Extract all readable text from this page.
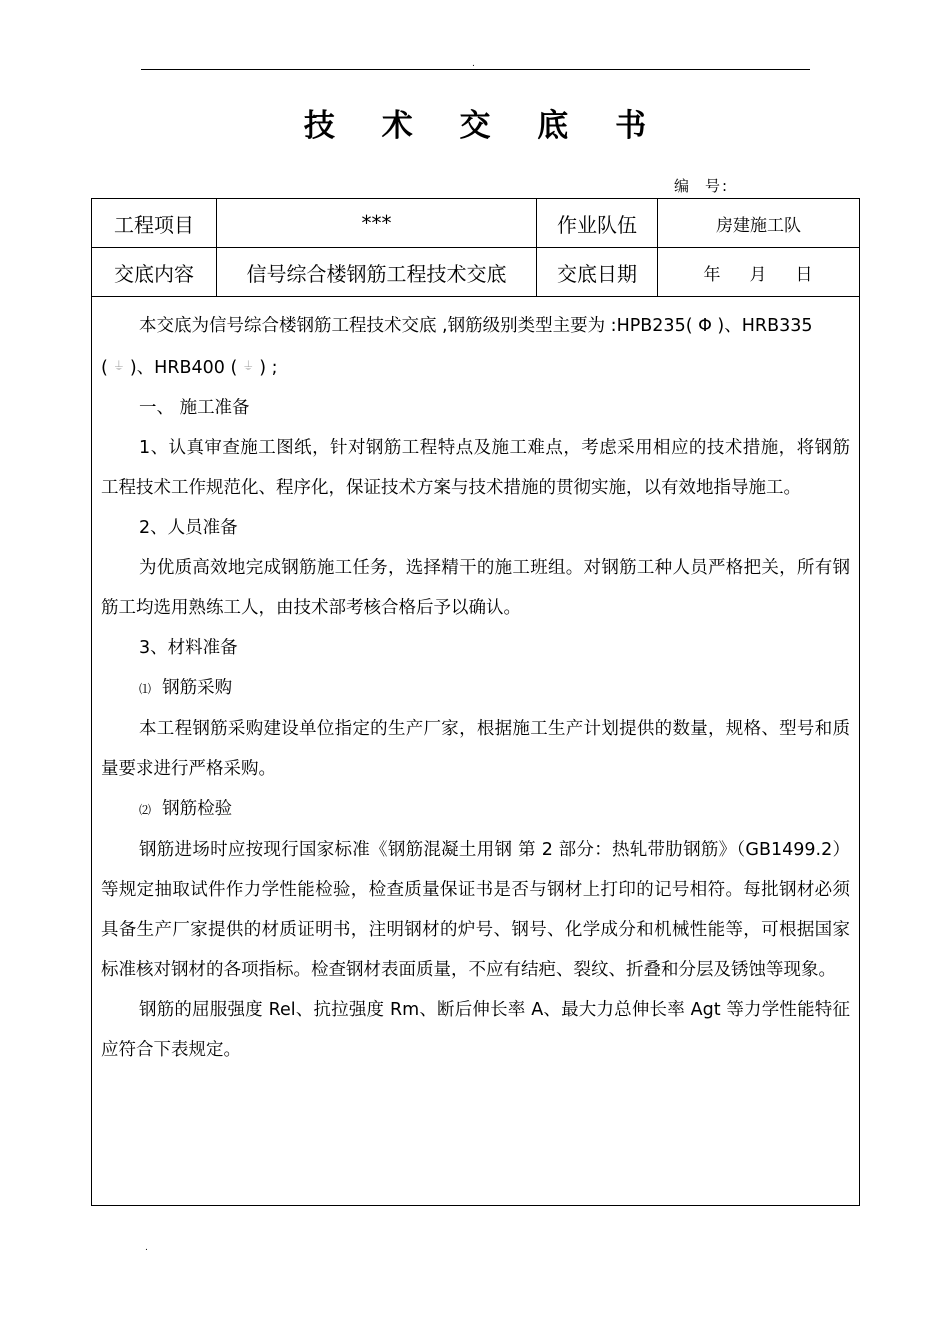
.
技 术 交 底 书
编 号:
工程项目	***	作业队伍	房建施工队
交底内容	信号综合楼钢筋工程技术交底	交底日期	年 月 日

本交底为信号综合楼钢筋工程技术交底 ,钢筋级别类型主要为 :HPB235( Φ )、HRB335

( ⏚ )、HRB400 ( ⏚ ) ;

一、 施工准备

1、认真审查施工图纸，针对钢筋工程特点及施工难点，考虑采用相应的技术措施，将钢筋工程技术工作规范化、程序化，保证技术方案与技术措施的贯彻实施，以有效地指导施工。

2、人员准备

为优质高效地完成钢筋施工任务，选择精干的施工班组。对钢筋工种人员严格把关，所有钢筋工均选用熟练工人，由技术部考核合格后予以确认。

3、材料准备

⑴ 钢筋采购

本工程钢筋采购建设单位指定的生产厂家，根据施工生产计划提供的数量，规格、型号和质量要求进行严格采购。

⑵ 钢筋检验

钢筋进场时应按现行国家标准《钢筋混凝土用钢 第 2 部分：热轧带肋钢筋》（GB1499.2）等规定抽取试件作力学性能检验，检查质量保证书是否与钢材上打印的记号相符。每批钢材必须具备生产厂家提供的材质证明书，注明钢材的炉号、钢号、化学成分和机械性能等，可根据国家标准核对钢材的各项指标。检查钢材表面质量，不应有结疤、裂纹、折叠和分层及锈蚀等现象。

钢筋的屈服强度 Rel、抗拉强度 Rm、断后伸长率 A、最大力总伸长率 Agt 等力学性能特征应符合下表规定。

.
